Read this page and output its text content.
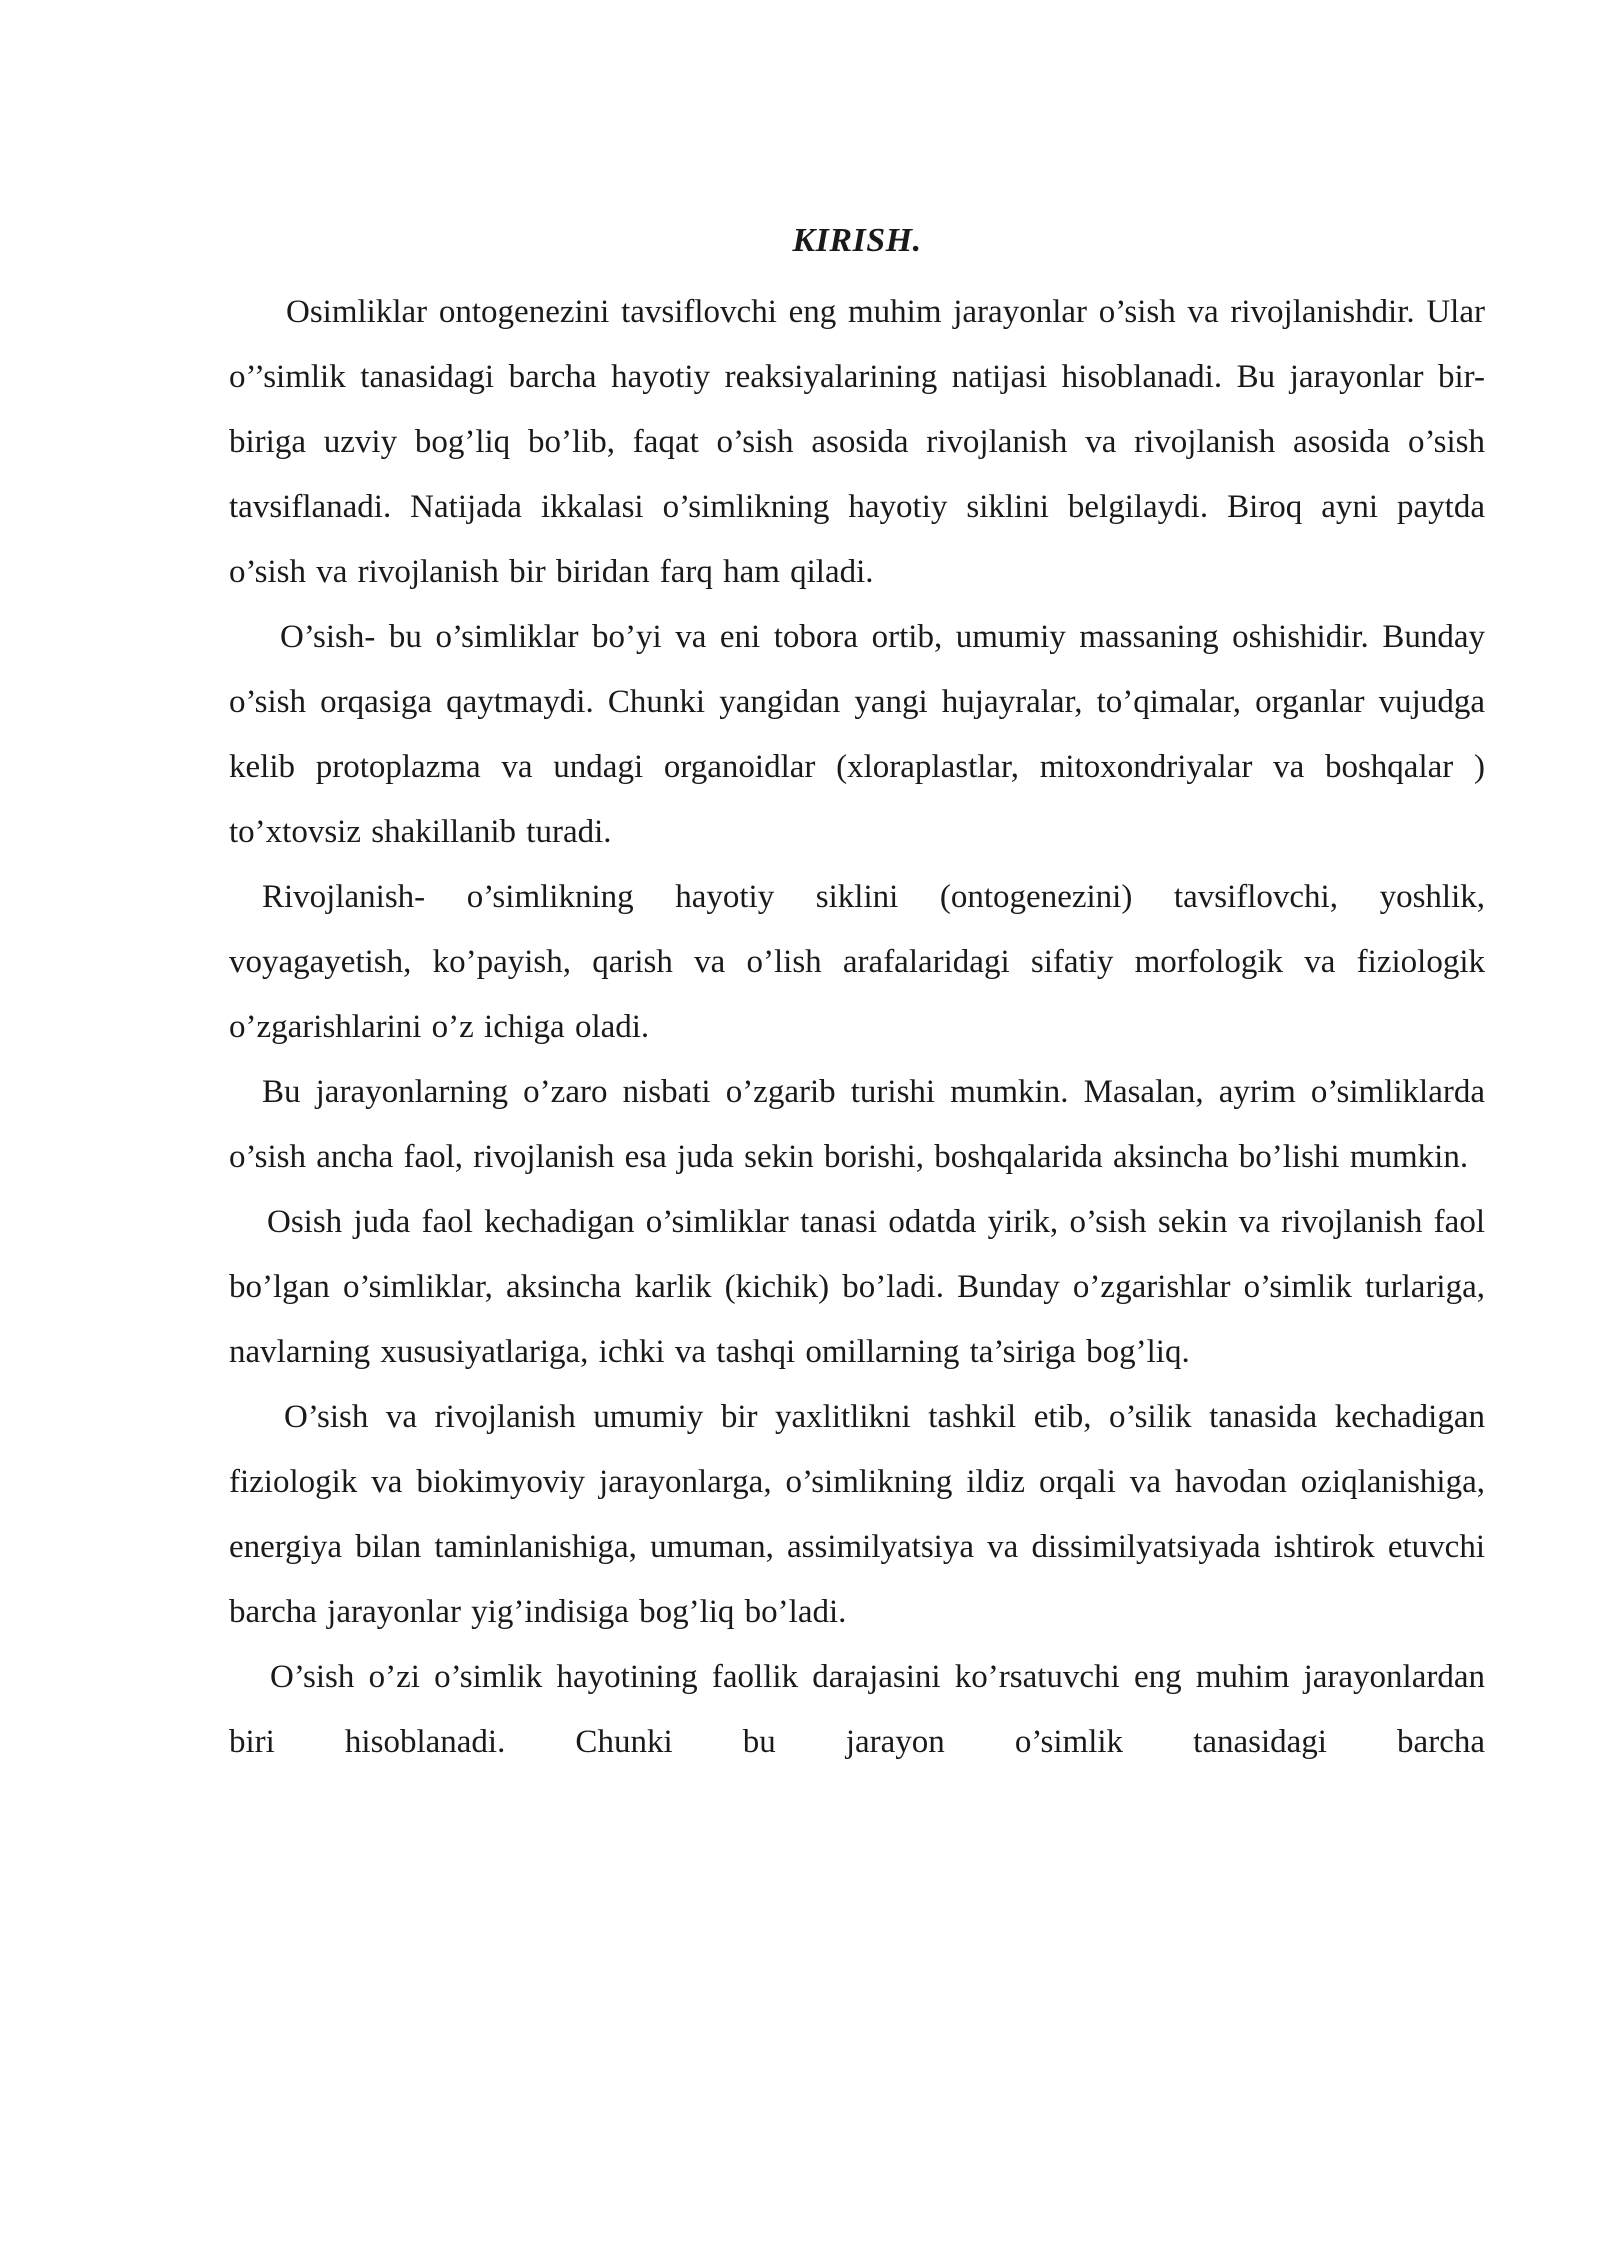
KIRISH.

Osimliklar ontogenezini tavsiflovchi eng muhim jarayonlar o’sish va rivojlanishdir. Ular o’’simlik tanasidagi barcha hayotiy reaksiyalarining natijasi hisoblanadi. Bu jarayonlar bir-biriga uzviy bog’liq bo’lib, faqat o’sish asosida rivojlanish va rivojlanish asosida o’sish tavsiflanadi. Natijada ikkalasi o’simlikning hayotiy siklini belgilaydi. Biroq ayni paytda o’sish va rivojlanish bir biridan farq ham qiladi.

O’sish- bu o’simliklar bo’yi va eni tobora ortib, umumiy massaning oshishidir. Bunday o’sish orqasiga qaytmaydi. Chunki yangidan yangi hujayralar, to’qimalar, organlar vujudga kelib protoplazma va undagi organoidlar (xloraplastlar, mitoxondriyalar va boshqalar ) to’xtovsiz shakillanib turadi.

Rivojlanish- o’simlikning hayotiy siklini (ontogenezini) tavsiflovchi, yoshlik, voyagayetish, ko’payish, qarish va o’lish arafalaridagi sifatiy morfologik va fiziologik o’zgarishlarini o’z ichiga oladi.

Bu jarayonlarning o’zaro nisbati o’zgarib turishi mumkin. Masalan, ayrim o’simliklarda o’sish ancha faol, rivojlanish esa juda sekin borishi, boshqalarida aksincha bo’lishi mumkin.

Osish juda faol kechadigan o’simliklar tanasi odatda yirik, o’sish sekin va rivojlanish faol bo’lgan o’simliklar, aksincha karlik (kichik) bo’ladi. Bunday o’zgarishlar o’simlik turlariga, navlarning xususiyatlariga, ichki va tashqi omillarning ta’siriga bog’liq.

O’sish va rivojlanish umumiy bir yaxlitlikni tashkil etib, o’silik tanasida kechadigan fiziologik va biokimyoviy jarayonlarga, o’simlikning ildiz orqali va havodan oziqlanishiga, energiya bilan taminlanishiga, umuman, assimilyatsiya va dissimilyatsiyada ishtirok etuvchi barcha jarayonlar yig’indisiga bog’liq bo’ladi.

O’sish o’zi o’simlik hayotining faollik darajasini ko’rsatuvchi eng muhim jarayonlardan biri hisoblanadi. Chunki bu jarayon o’simlik tanasidagi barcha
